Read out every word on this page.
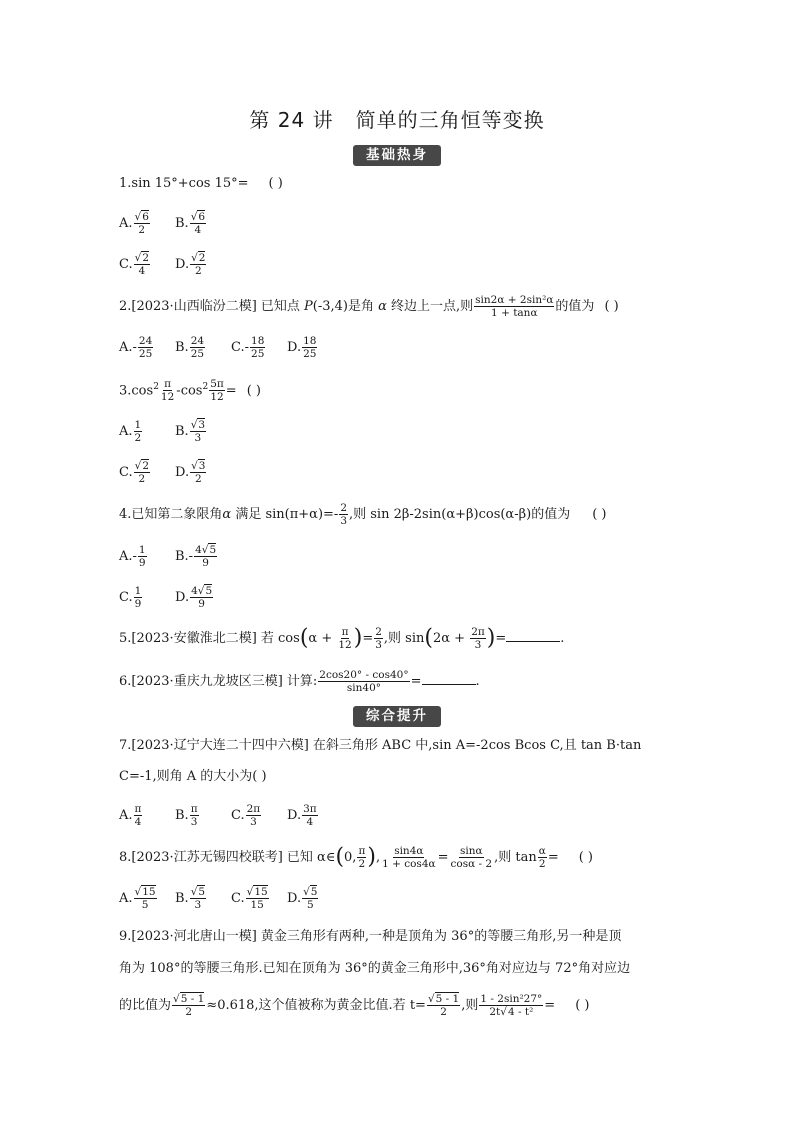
第 24 讲 简单的三角恒等变换
基础热身
1.sin 15°+cos 15°= ( )
A. $\frac{√6}{2} B$. $\frac{√6}{4}$
C. $\frac{√2}{4} D$. $\frac{√2}{2}$
2.[2023·山西临汾二模] 已知点 P(-3,4)是角 α 终边上一点,则 $\frac{\text{sin2α + 2sin²α}}{1 + \tan\alpha}$ 的值为 ( )
$A.- \frac{24}{25} B$. $\frac{24}{25} C.- \frac{18}{25} D$. $\frac{18}{25}$
$3.\cos^2 \frac{\pi}{12} -\cos^2 \frac{5\pi}{12}$ = ( )
A. $\frac{1}{2}$	B. $\frac{√3}{3}$
C. $\frac{√2}{2} D$. $\frac{√3}{2}$
4.已知第二象限角α 满足 $\sin(\pi+\alpha)=- \frac{2}{3}$ ,则 sin 2β-2sin(α+β)cos(α-β)的值为 ( )
$A.- \frac{1}{9} B.- \frac{4√5}{9}$
C. $\frac{1}{9}$	D. $\frac{4√5}{9}$
5.[2023·安徽淮北二模] 若 $\cos(\alpha + \frac{\pi}{12}$ )= $\frac{2}{3}$ ,则 $\sin(2\alpha + \frac{2\pi}{3}$ )=	.
6.[2023·重庆九龙坡区三模] 计算: $\frac{2\cos 20^\circ - \cos 40^\circ}{\sin 40^\circ}$ =	.
综合提升
7.[2023·辽宁大连二十四中六模] 在斜三角形 ABC 中,sin A=-2cos Bcos C,且 tan B·tan
C=-1,则角 A 的大小为( )
A. $\frac{\pi}{4}$	B. $\frac{\pi}{3} C$. $\frac{2\pi}{3} D$. $\frac{3\pi}{4}$
8.[2023·江苏无锡四校联考] 已知 α∈(0, $\frac{\pi}{2}$ ), $\frac{\sin 4\alpha}{1 + \cos 4\alpha} = \frac{\sin\alpha}{\cos\alpha - 2}$ ,则 $\tan \frac{\alpha}{2}$ = ( )
A. $\frac{√15}{5} B$. $\frac{√5}{3} C$. $\frac{√15}{15} D$. $\frac{√5}{5}$
9.[2023·河北唐山一模] 黄金三角形有两种,一种是顶角为 36°的等腰三角形,另一种是顶
角为 108°的等腰三角形.已知在顶角为 36°的黄金三角形中,36°角对应边与 72°角对应边
的比值为 $\frac{√5 - 1}{2} \approx 0.618$,这个值被称为黄金比值.若 $t= \frac{√5 - 1}{2}$ ,则 $\frac{\text{1 - 2sin²27°}}{\text{2t√4 - t²}}$ = ( )
